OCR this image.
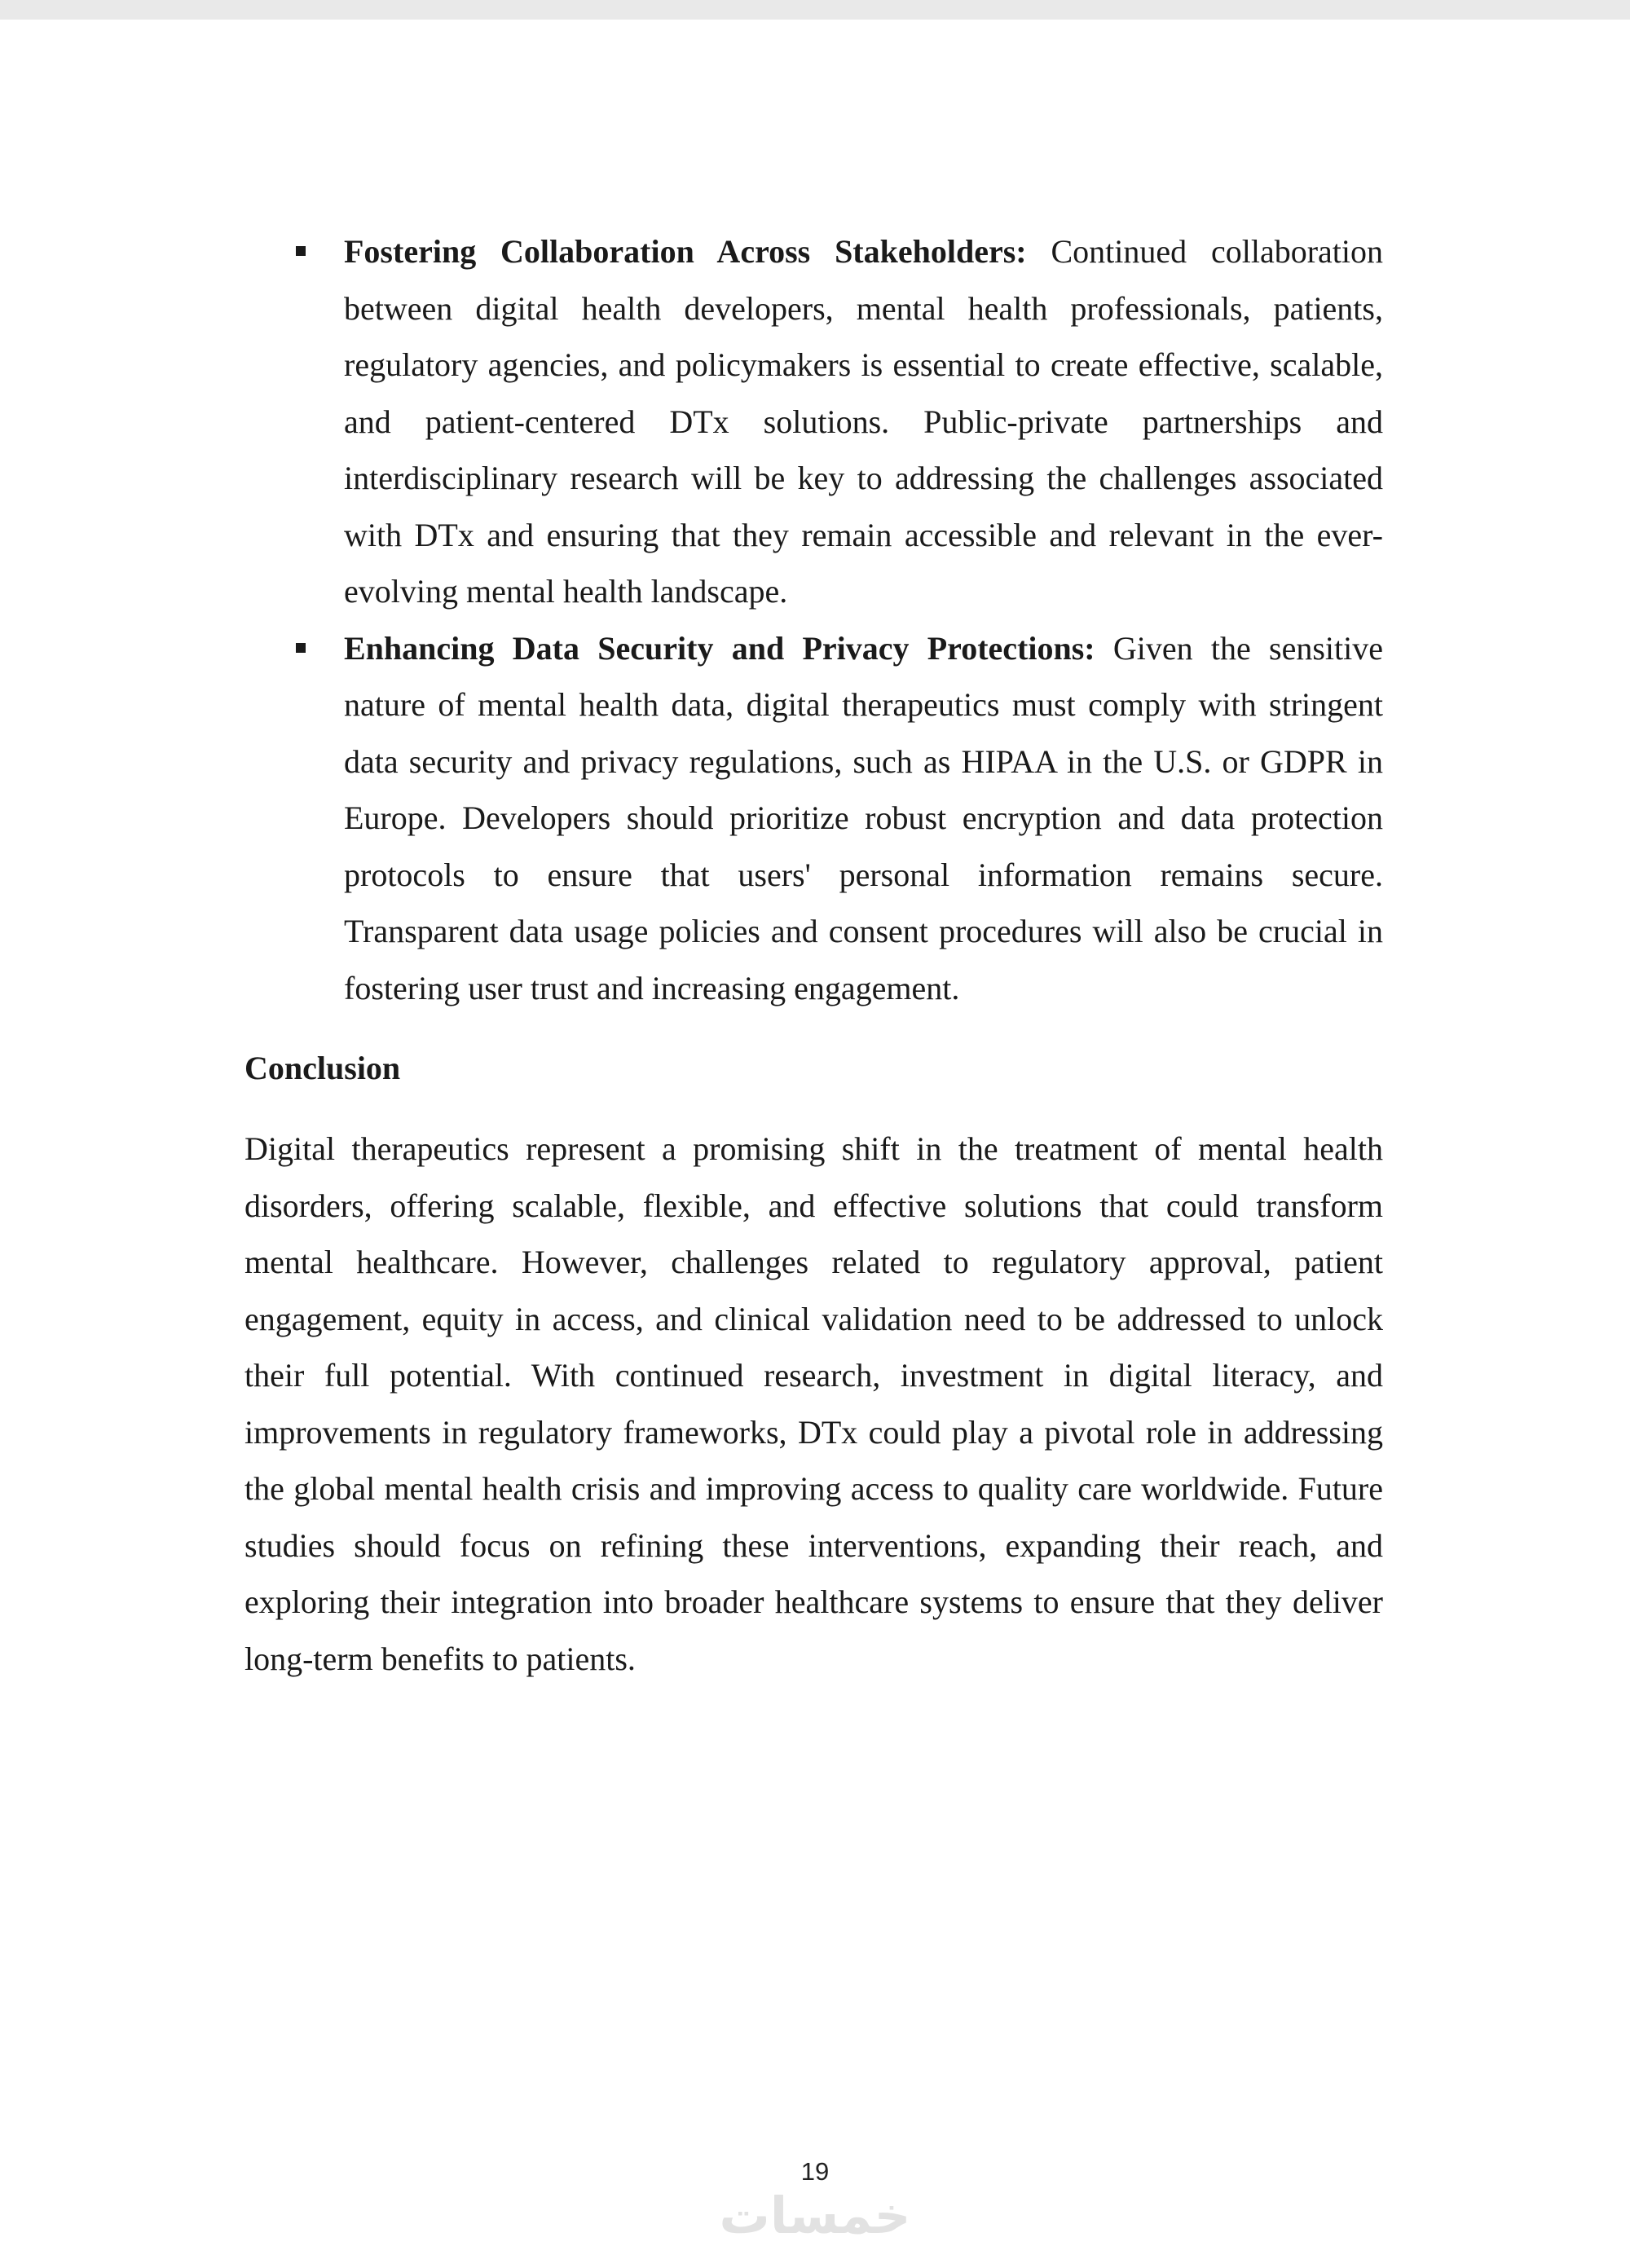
Fostering Collaboration Across Stakeholders: Continued collaboration between digital health developers, mental health professionals, patients, regulatory agencies, and policymakers is essential to create effective, scalable, and patient-centered DTx solutions. Public-private partnerships and interdisciplinary research will be key to addressing the challenges associated with DTx and ensuring that they remain accessible and relevant in the ever-evolving mental health landscape.
Enhancing Data Security and Privacy Protections: Given the sensitive nature of mental health data, digital therapeutics must comply with stringent data security and privacy regulations, such as HIPAA in the U.S. or GDPR in Europe. Developers should prioritize robust encryption and data protection protocols to ensure that users' personal information remains secure. Transparent data usage policies and consent procedures will also be crucial in fostering user trust and increasing engagement.
Conclusion

Digital therapeutics represent a promising shift in the treatment of mental health disorders, offering scalable, flexible, and effective solutions that could transform mental healthcare. However, challenges related to regulatory approval, patient engagement, equity in access, and clinical validation need to be addressed to unlock their full potential. With continued research, investment in digital literacy, and improvements in regulatory frameworks, DTx could play a pivotal role in addressing the global mental health crisis and improving access to quality care worldwide. Future studies should focus on refining these interventions, expanding their reach, and exploring their integration into broader healthcare systems to ensure that they deliver long-term benefits to patients.

19
خمسات
